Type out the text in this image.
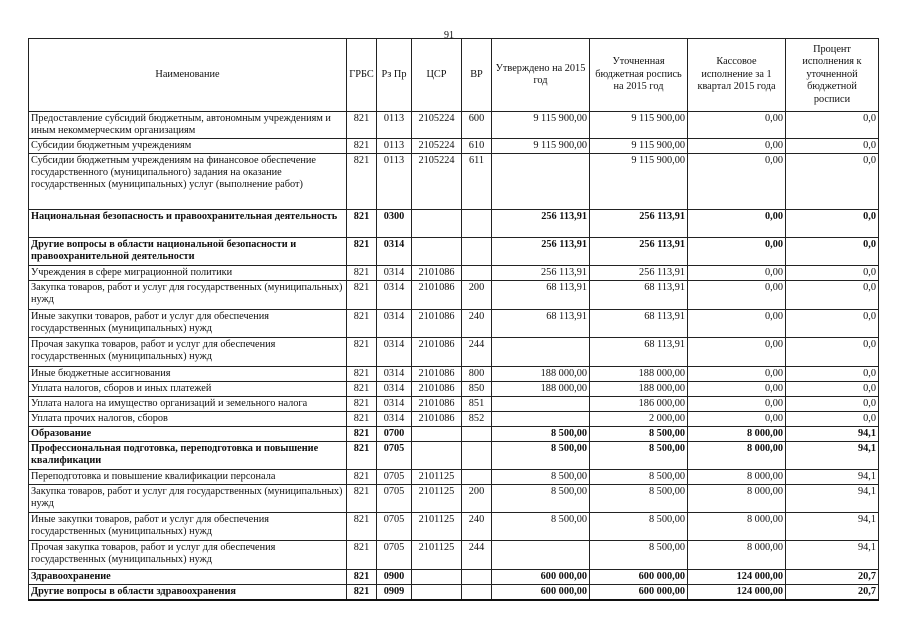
91
Наименование	ГРБС	Рз Пр	ЦСР	ВР	Утверждено на 2015 год	Уточненная бюджетная роспись на 2015 год	Кассовое исполнение за 1 квартал 2015 года	Процент исполнения к уточненной бюджетной росписи
Предоставление субсидий бюджетным, автономным учреждениям и иным некоммерческим организациям	821	0113	2105224	600	9 115 900,00	9 115 900,00	0,00	0,0
Субсидии бюджетным учреждениям	821	0113	2105224	610	9 115 900,00	9 115 900,00	0,00	0,0
Субсидии бюджетным учреждениям на финансовое обеспечение государственного (муниципального) задания на оказание государственных (муниципальных) услуг (выполнение работ)	821	0113	2105224	611		9 115 900,00	0,00	0,0
Национальная безопасность и правоохранительная деятельность	821	0300			256 113,91	256 113,91	0,00	0,0
Другие вопросы в области национальной безопасности и правоохранительной деятельности	821	0314			256 113,91	256 113,91	0,00	0,0
Учреждения в сфере миграционной политики	821	0314	2101086		256 113,91	256 113,91	0,00	0,0
Закупка товаров, работ и услуг для государственных (муниципальных) нужд	821	0314	2101086	200	68 113,91	68 113,91	0,00	0,0
Иные закупки товаров, работ и услуг для обеспечения государственных (муниципальных) нужд	821	0314	2101086	240	68 113,91	68 113,91	0,00	0,0
Прочая закупка товаров, работ и услуг для обеспечения государственных (муниципальных) нужд	821	0314	2101086	244		68 113,91	0,00	0,0
Иные бюджетные ассигнования	821	0314	2101086	800	188 000,00	188 000,00	0,00	0,0
Уплата налогов, сборов и иных платежей	821	0314	2101086	850	188 000,00	188 000,00	0,00	0,0
Уплата налога на имущество организаций и земельного налога	821	0314	2101086	851		186 000,00	0,00	0,0
Уплата прочих налогов, сборов	821	0314	2101086	852		2 000,00	0,00	0,0
Образование	821	0700			8 500,00	8 500,00	8 000,00	94,1
Профессиональная подготовка, переподготовка и повышение квалификации	821	0705			8 500,00	8 500,00	8 000,00	94,1
Переподготовка и повышение квалификации персонала	821	0705	2101125		8 500,00	8 500,00	8 000,00	94,1
Закупка товаров, работ и услуг для государственных (муниципальных) нужд	821	0705	2101125	200	8 500,00	8 500,00	8 000,00	94,1
Иные закупки товаров, работ и услуг для обеспечения государственных (муниципальных) нужд	821	0705	2101125	240	8 500,00	8 500,00	8 000,00	94,1
Прочая закупка товаров, работ и услуг для обеспечения государственных (муниципальных) нужд	821	0705	2101125	244		8 500,00	8 000,00	94,1
Здравоохранение	821	0900			600 000,00	600 000,00	124 000,00	20,7
Другие вопросы в области здравоохранения	821	0909			600 000,00	600 000,00	124 000,00	20,7
